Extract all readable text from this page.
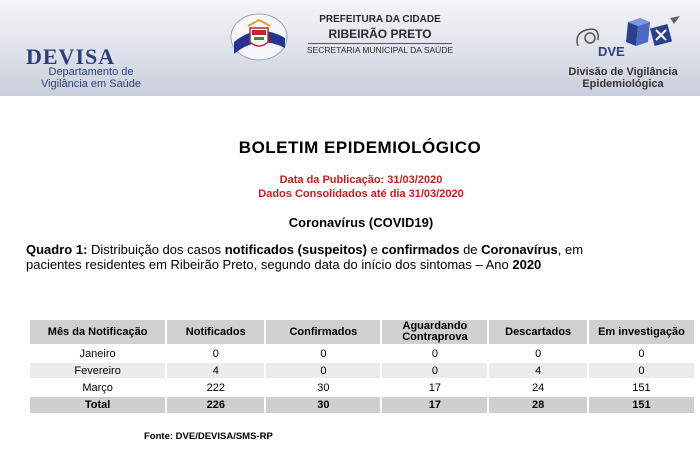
DEVISA
Departamento de
Vigilância em Saúde
PREFEITURA DA CIDADE
RIBEIRÃO PRETO
SECRETARIA MUNICIPAL DA SAÚDE	DVE
Divisão de Vigilância
Epidemiológica
BOLETIM EPIDEMIOLÓGICO
Data da Publicação: 31/03/2020
Dados Consolidados até dia 31/03/2020
Coronavírus (COVID19)
Quadro 1: Distribuição dos casos notificados (suspeitos) e confirmados de Coronavírus, em pacientes residentes em Ribeirão Preto, segundo data do início dos sintomas – Ano 2020
Mês da Notificação	Notificados	Confirmados	Aguardando Contraprova	Descartados	Em investigação
Janeiro	0	0	0	0	0
Fevereiro	4	0	0	4	0
Março	222	30	17	24	151
Total	226	30	17	28	151
Fonte: DVE/DEVISA/SMS-RP
